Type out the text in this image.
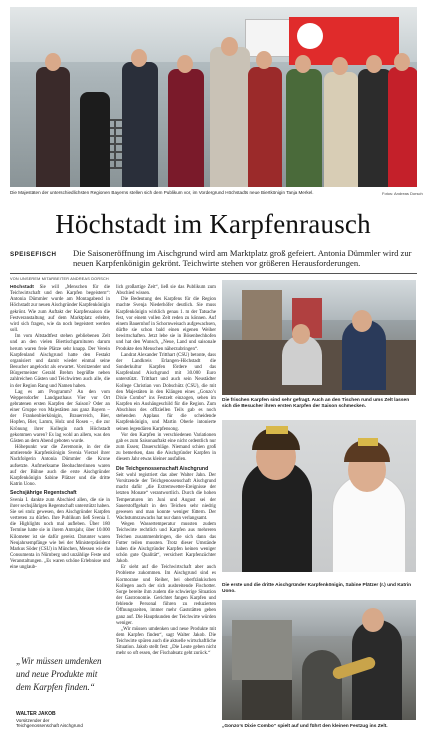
Die Majestäten der unterschiedlichsten Regionen Bayerns stellen sich dem Publikum vor, im Vordergrund Höchstadts neue Biertkönigin Tanja Merkel.	Fotos: Andreas Dorsch
Höchstadt im Karpfenrausch
SPEISEFISCH Die Saisoneröffnung im Aischgrund wird am Marktplatz groß gefeiert. Antonia Dümmler wird zur neuen Karpfenkönigin gekrönt. Teichwirte stehen vor größeren Herausforderungen.
VON UNSEREM MITARBEITER ANDREAS DORSCH

Höchstadt Sie will „Menschen für die Teichwirtschaft und den Karpfen begeistern“: Antonia Dümmler wurde am Montagabend in Höchstadt zur neuen Aischgründer Karpfenkönigin gekrönt. Wie zum Auftakt der Karpfensaison die Festveranstaltung auf dem Marktplatz erlebte, wird sich fragen, wie da noch begeistert werden soll.

Im vom Altstadtfest stehen gebliebenen Zelt und an den vielen Biertischgarnituren darum herum waren freie Plätze sehr knapp. Der Verein Karpfenland Aischgrund hatte den Festakt organisiert und damit wieder einmal seine Besucher angelockt als erwartet. Vorsitzender und Bürgermeister Gerald Brehm begrüßte neben zahlreichen Gästen und Teichwirten auch alle, die in der Region Rang und Namen haben.

Lag es am Programm? An den vom Weppersdorfer Landgasthaus Vier vor Ort gebratenen ersten Karpfen der Saison? Oder an einer Gruppe von Majestäten aus ganz Bayern – der Frankenbierkönigin, Brauerreich, Bier, Hopfen, Bier, Lamm, Holz und Rosen –, die zur Krönung ihrer Kollegin nach Höchstadt gekommen waren? Es lag wohl an allem, was den Gästen an dem Abend geboten wurde.

Höhepunkt war die Zeremonie, in der die amtierende Karpfenkönigin Svenia Vierzel ihrer Nachfolgerin Antonia Dümmler die Krone aufsetzte. Aufmerksame Beobachterinnen waren auf der Bühne auch die erste Aischgründer Karpfenkönigin Sabine Plätzer und die dritte Katrin Uono.

Sechsjährige Regentschaft

Svenia I. dankte zum Abschied allen, die sie in ihrer sechsjährigen Regentschaft unterstützt haben. Sie sei stolz gewesen, den Aischgründer Karpfen vertreten zu dürfen. Ihre Publikum ließ Svenia I. die Highlights noch mal aufleben. Über 180 Termine hatte sie in ihrem Amtsjahr, über 10.000 Kilometer ist sie dafür gereist. Darunter waren Neujahrsempfänge wie bei der Ministerpräsident Markus Söder (CSU) in München, Messen wie die Consumenta in Nürnberg und unzählige Feste und Veranstaltungen. „Es waren schöne Erlebnisse und eine unglaub-

„Wir müssen umdenken und neue Produkte mit dem Karpfen finden.“
WALTER JAKOB
Vorsitzender der
Teichgenossenschaft Aischgrund

lich großartige Zeit“, ließ sie das Publikum zum Abschied wissen.

Die Bedeutung des Karpfens für die Region machte Svenja Niederhöfer deutlich. Sie muss Karpfenkönigin wirklich genau 1. m der Tatsache fest, vor einem vollen Zelt reden zu können. Auf einem Bauernhof in Schornweisach aufgewachsen, dürfte sie schon bald einen eigenen Weiher bewirtschaften. Jetzt lebe sie in Bösenbechhofen und hat den Wunsch, „Neue, Land und saisonale Produkte den Menschen näherzubringen“.

Landrat Alexander Tritthart (CSU) betonte, dass der Landkreis Erlangen-Höchstadt die Sonderkultur Karpfen fördere und das Karpfenland Aischgrund mit 30.000 Euro unterstützt. Tritthart und auch sein Neustädter Kollege Christian von Dobschütz (CSU), die mit den Majestäten in den Klängen eines „Gonzo’s Dixie Combo“ ins Festzelt einzogen, sehen im Karpfen ein Aushängeschild für die Region. Zum Abschluss des offiziellen Teils gab es noch stehenden Applaus für die scheidende Karpfenkönigin, und Martin Oberle intonierte seinen legendären Karpfensong.

Vor den Karpfen in verschiedenen Variationen gab es zum Saisonauftakt eine nicht ordentlich nur zum Essen; Dauerschläge. Niemand schien groß zu bemerken, dass die Aischgründer Karpfen in diesem Jahr etwas kleiner ausfallen.

Die Teichgenossenschaft Aischgrund

Seit wohl registriert das aber Walter Jahn. Der Vorsitzende der Teichgenossenschaft Aischgrund macht dafür „die Extremwetter-Ereignisse der letzten Monate“ verantwortlich. Durch die hohen Temperaturen im Juni und August sei der Sauerstoffgehalt in den Teichen sehr niedrig gewesen und man konnte weniger füttern. Der Wachstumszuwachs hat nur dann verlangsamt.

Wegen Wassertemperatur mussten zudem Teichwirte rechtlich und Karpfen aus mehreren Teichen zusammenbringen, die sich dann das Futter teilen mussten. Trotz dieser Umstände haben die Aischgründer Karpfen keinen weniger schön gute Qualität“, versichert Karpfenzüchter Jakob.

Er sieht auf die Teichwirtschaft aber auch Probleme zukommen. Im Aischgrund sind es Kormorane und Reiher, bei oberfränkischen Kollegen auch der sich ausbreitende Fischotter. Sorge bereite ihm zudem die schwierige Situation der Gastronomie. Gerichtet fangen Karpfen und fehlende Personal führen zu reduzierten Öffnungszeiten, immer mehr Gaststätten geben ganz auf. Die Hauptkunden der Teichwirte würden weniger.

„Wir müssen umdenken und neue Produkte mit dem Karpfen finden“, sagt Walter Jakob. Die Teichwirte spüren auch die aktuelle wirtschaftliche Situation. Jakob stellt fest: „Die Leute geben nicht mehr so oft essen, der Fischabsatz geht zurück.“

Die frischen Karpfen sind sehr gefragt. Auch an den Tischen rund ums Zelt lassen sich die Besucher ihren ersten Karpfen der Saison schmecken.
Die erste und die dritte Aischgründer Karpfenkönigin, Sabine Plätzer (r.) und Katrin Uono.
„Gonzo’s Dixie Combo“ spielt auf und führt den kleinen Festzug ins Zelt.
